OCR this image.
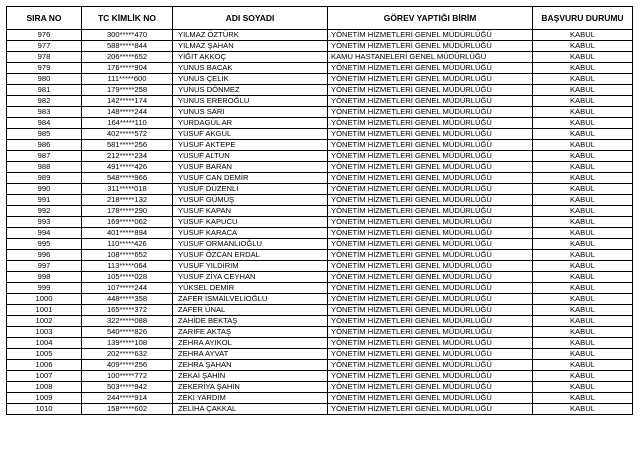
SIRA NO	TC KİMLİK NO	ADI SOYADI	GÖREV YAPTIĞI BİRİM	BAŞVURU DURUMU
976	300*****470	YILMAZ ÖZTÜRK	YÖNETİM HİZMETLERİ GENEL MÜDÜRLÜĞÜ	KABUL
977	588*****844	YILMAZ ŞAHAN	YÖNETİM HİZMETLERİ GENEL MÜDÜRLÜĞÜ	KABUL
978	206*****652	YİĞİT AKKOÇ	KAMU HASTANELERİ GENEL MÜDÜRLÜĞÜ	KABUL
979	176*****904	YUNUS BACAK	YÖNETİM HİZMETLERİ GENEL MÜDÜRLÜĞÜ	KABUL
980	111*****600	YUNUS ÇELİK	YÖNETİM HİZMETLERİ GENEL MÜDÜRLÜĞÜ	KABUL
981	179*****258	YUNUS DÖNMEZ	YÖNETİM HİZMETLERİ GENEL MÜDÜRLÜĞÜ	KABUL
982	142*****174	YUNUS EREROĞLU	YÖNETİM HİZMETLERİ GENEL MÜDÜRLÜĞÜ	KABUL
983	148*****244	YUNUS SARI	YÖNETİM HİZMETLERİ GENEL MÜDÜRLÜĞÜ	KABUL
984	164*****110	YURDAGÜL AR	YÖNETİM HİZMETLERİ GENEL MÜDÜRLÜĞÜ	KABUL
985	402*****572	YUSUF AKGÜL	YÖNETİM HİZMETLERİ GENEL MÜDÜRLÜĞÜ	KABUL
986	581*****256	YUSUF AKTEPE	YÖNETİM HİZMETLERİ GENEL MÜDÜRLÜĞÜ	KABUL
987	212*****234	YUSUF ALTUN	YÖNETİM HİZMETLERİ GENEL MÜDÜRLÜĞÜ	KABUL
988	491*****426	YUSUF BARAN	YÖNETİM HİZMETLERİ GENEL MÜDÜRLÜĞÜ	KABUL
989	548*****966	YUSUF CAN DEMİR	YÖNETİM HİZMETLERİ GENEL MÜDÜRLÜĞÜ	KABUL
990	311*****018	YUSUF DÜZENLİ	YÖNETİM HİZMETLERİ GENEL MÜDÜRLÜĞÜ	KABUL
991	218*****132	YUSUF GÜMÜŞ	YÖNETİM HİZMETLERİ GENEL MÜDÜRLÜĞÜ	KABUL
992	178*****290	YUSUF KAPAN	YÖNETİM HİZMETLERİ GENEL MÜDÜRLÜĞÜ	KABUL
993	169*****062	YUSUF KAPUCU	YÖNETİM HİZMETLERİ GENEL MÜDÜRLÜĞÜ	KABUL
994	401*****894	YUSUF KARACA	YÖNETİM HİZMETLERİ GENEL MÜDÜRLÜĞÜ	KABUL
995	110*****426	YUSUF ORMANLIOĞLU	YÖNETİM HİZMETLERİ GENEL MÜDÜRLÜĞÜ	KABUL
996	108*****652	YUSUF ÖZCAN ERDAL	YÖNETİM HİZMETLERİ GENEL MÜDÜRLÜĞÜ	KABUL
997	113*****064	YUSUF YILDIRIM	YÖNETİM HİZMETLERİ GENEL MÜDÜRLÜĞÜ	KABUL
998	105*****028	YUSUF ZİYA CEYHAN	YÖNETİM HİZMETLERİ GENEL MÜDÜRLÜĞÜ	KABUL
999	107*****244	YÜKSEL DEMİR	YÖNETİM HİZMETLERİ GENEL MÜDÜRLÜĞÜ	KABUL
1000	448*****358	ZAFER İSMAİLVELİOĞLU	YÖNETİM HİZMETLERİ GENEL MÜDÜRLÜĞÜ	KABUL
1001	165*****372	ZAFER ÜNAL	YÖNETİM HİZMETLERİ GENEL MÜDÜRLÜĞÜ	KABUL
1002	322*****088	ZAHİDE BEKTAŞ	YÖNETİM HİZMETLERİ GENEL MÜDÜRLÜĞÜ	KABUL
1003	540*****826	ZARİFE AKTAŞ	YÖNETİM HİZMETLERİ GENEL MÜDÜRLÜĞÜ	KABUL
1004	139*****108	ZEHRA AYIKOL	YÖNETİM HİZMETLERİ GENEL MÜDÜRLÜĞÜ	KABUL
1005	202*****632	ZEHRA AYVAT	YÖNETİM HİZMETLERİ GENEL MÜDÜRLÜĞÜ	KABUL
1006	409*****256	ZEHRA ŞAHAN	YÖNETİM HİZMETLERİ GENEL MÜDÜRLÜĞÜ	KABUL
1007	100*****772	ZEKAİ ŞAHİN	YÖNETİM HİZMETLERİ GENEL MÜDÜRLÜĞÜ	KABUL
1008	503*****942	ZEKERİYA ŞAHİN	YÖNETİM HİZMETLERİ GENEL MÜDÜRLÜĞÜ	KABUL
1009	244*****914	ZEKİ YARDIM	YÖNETİM HİZMETLERİ GENEL MÜDÜRLÜĞÜ	KABUL
1010	158*****602	ZELİHA ÇAKKAL	YÖNETİM HİZMETLERİ GENEL MÜDÜRLÜĞÜ	KABUL
